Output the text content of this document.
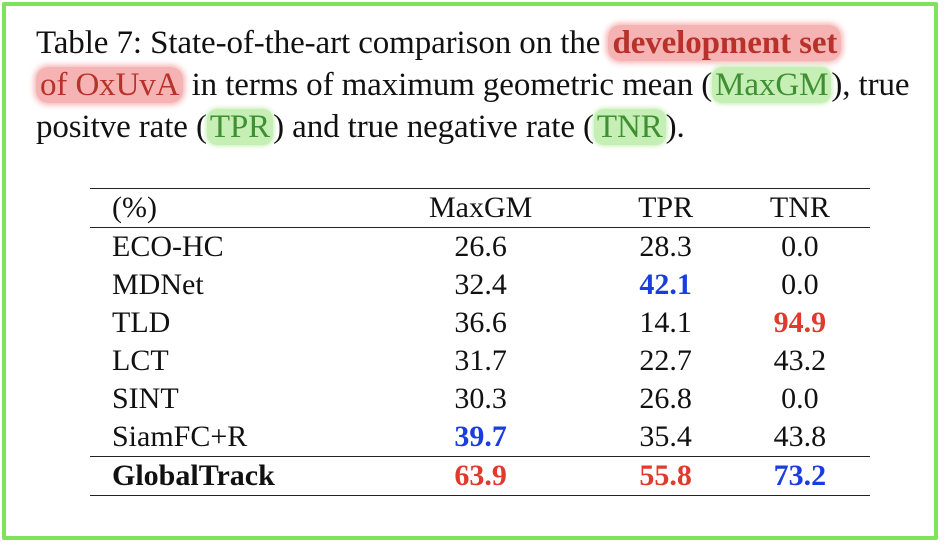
Table 7: State-of-the-art comparison on the development set
of OxUvA in terms of maximum geometric mean (MaxGM), true positve rate (TPR) and true negative rate (TNR).
(%)	MaxGM	TPR	TNR
ECO-HC	26.6	28.3	0.0
MDNet	32.4	42.1	0.0
TLD	36.6	14.1	94.9
LCT	31.7	22.7	43.2
SINT	30.3	26.8	0.0
SiamFC+R	39.7	35.4	43.8
GlobalTrack	63.9	55.8	73.2
